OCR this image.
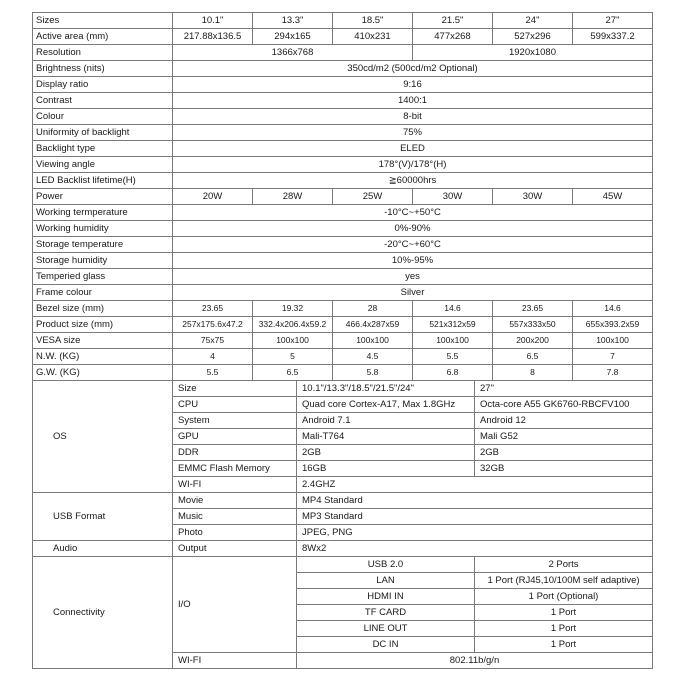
Sizes	10.1"	13.3"	18.5"	21.5"	24"	27"
Active area (mm)	217.88x136.5	294x165	410x231	477x268	527x296	599x337.2
Resolution	1366x768			1920x1080		
Brightness (nits)	350cd/m2 (500cd/m2 Optional)					
Display ratio	9:16					
Contrast	1400:1					
Colour	8-bit					
Uniformity of backlight	75%					
Backlight type	ELED					
Viewing angle	178°(V)/178°(H)					
LED Backlist lifetime(H)	≧60000hrs					
Power	20W	28W	25W	30W	30W	45W
Working termperature	-10°C~+50°C					
Working humidity	0%-90%					
Storage temperature	-20°C~+60°C					
Storage humidity	10%-95%					
Temperied glass	yes					
Frame colour	Silver					
Bezel size (mm)	23.65	19.32	28	14.6	23.65	14.6
Product size (mm)	257x175.6x47.2	332.4x206.4x59.2	466.4x287x59	521x312x59	557x333x50	655x393.2x59
VESA size	75x75	100x100	100x100	100x100	200x200	100x100
N.W. (KG)	4	5	4.5	5.5	6.5	7
G.W. (KG)	5.5	6.5	5.8	6.8	8	7.8
OS	Size	10.1"/13.3"/18.5"/21.5"/24"	27"
	CPU	Quad core Cortex-A17, Max 1.8GHz	Octa-core A55 GK6760-RBCFV100
	System	Android 7.1	Android 12
	GPU	Mali-T764	Mali G52
	DDR	2GB	2GB
	EMMC Flash Memory	16GB	32GB
	WI-FI	2.4GHZ	
USB Format	Movie	MP4 Standard	
	Music	MP3 Standard	
	Photo	JPEG, PNG	
Audio	Output	8Wx2	
Connectivity	I/O	USB 2.0	2 Ports
		LAN	1 Port (RJ45,10/100M self adaptive)
		HDMI IN	1 Port (Optional)
		TF CARD	1 Port
		LINE OUT	1 Port
		DC IN	1 Port
	WI-FI	802.11b/g/n	
